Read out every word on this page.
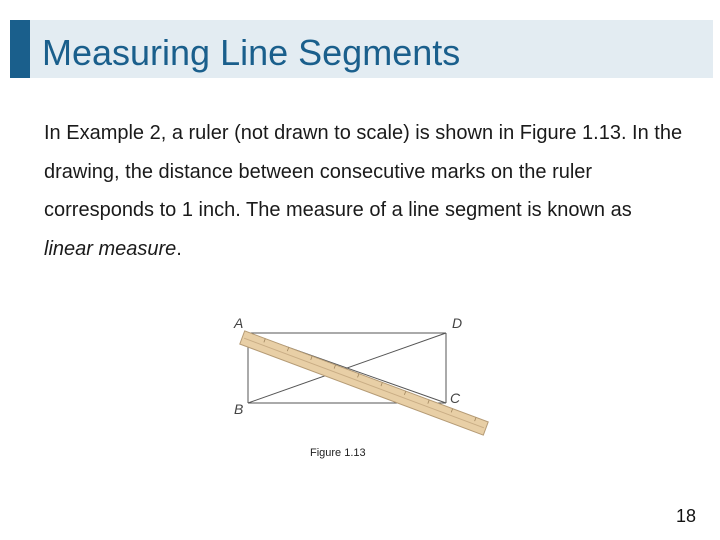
Measuring Line Segments
In Example 2, a ruler (not drawn to scale) is shown in Figure 1.13. In the drawing, the distance between consecutive marks on the ruler corresponds to 1 inch. The measure of a line segment is known as linear measure.
A	D
B
C
Figure 1.13
18
